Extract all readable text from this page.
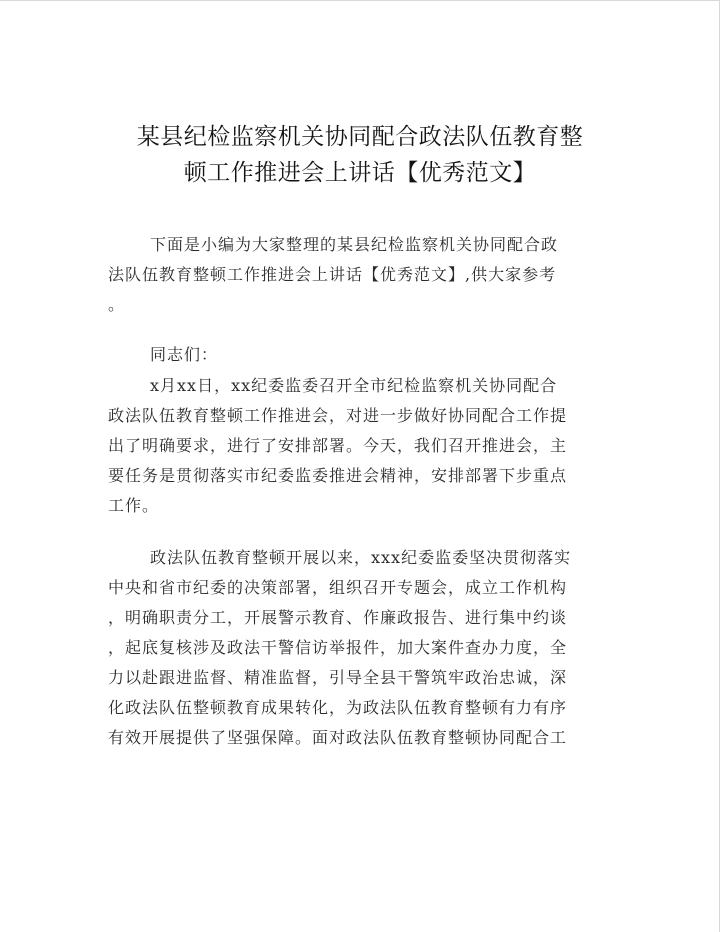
某县纪检监察机关协同配合政法队伍教育整
顿工作推进会上讲话【优秀范文】
下面是小编为大家整理的某县纪检监察机关协同配合政
法队伍教育整顿工作推进会上讲话【优秀范文】,供大家参考
。
同志们：
x月xx日，xx纪委监委召开全市纪检监察机关协同配合
政法队伍教育整顿工作推进会，对进一步做好协同配合工作提
出了明确要求，进行了安排部署。今天，我们召开推进会，主
要任务是贯彻落实市纪委监委推进会精神，安排部署下步重点
工作。
政法队伍教育整顿开展以来，xxx纪委监委坚决贯彻落实
中央和省市纪委的决策部署，组织召开专题会，成立工作机构
，明确职责分工，开展警示教育、作廉政报告、进行集中约谈
，起底复核涉及政法干警信访举报件，加大案件查办力度，全
力以赴跟进监督、精准监督，引导全县干警筑牢政治忠诚，深
化政法队伍整顿教育成果转化，为政法队伍教育整顿有力有序
有效开展提供了坚强保障。面对政法队伍教育整顿协同配合工
